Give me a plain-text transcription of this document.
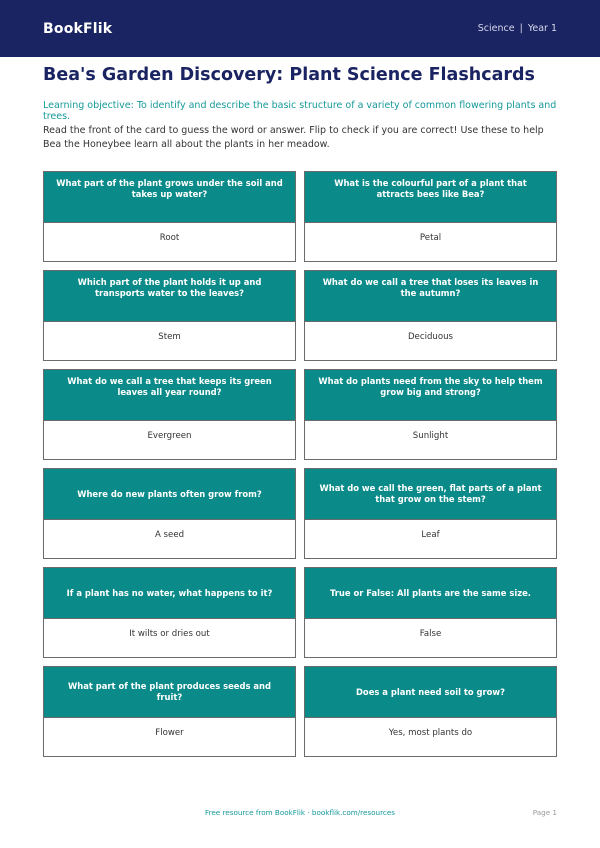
BookFlik	Science | Year 1
Bea's Garden Discovery: Plant Science Flashcards
Learning objective: To identify and describe the basic structure of a variety of common flowering plants and trees.
Read the front of the card to guess the word or answer. Flip to check if you are correct! Use these to help Bea the Honeybee learn all about the plants in her meadow.
What part of the plant grows under the soil and takes up water?
Root
What is the colourful part of a plant that attracts bees like Bea?
Petal
Which part of the plant holds it up and transports water to the leaves?
Stem
What do we call a tree that loses its leaves in the autumn?
Deciduous
What do we call a tree that keeps its green leaves all year round?
Evergreen
What do plants need from the sky to help them grow big and strong?
Sunlight
Where do new plants often grow from?
A seed
What do we call the green, flat parts of a plant that grow on the stem?
Leaf
If a plant has no water, what happens to it?
It wilts or dries out
True or False: All plants are the same size.
False
What part of the plant produces seeds and fruit?
Flower
Does a plant need soil to grow?
Yes, most plants do
Free resource from BookFlik · bookflik.com/resources	Page 1
